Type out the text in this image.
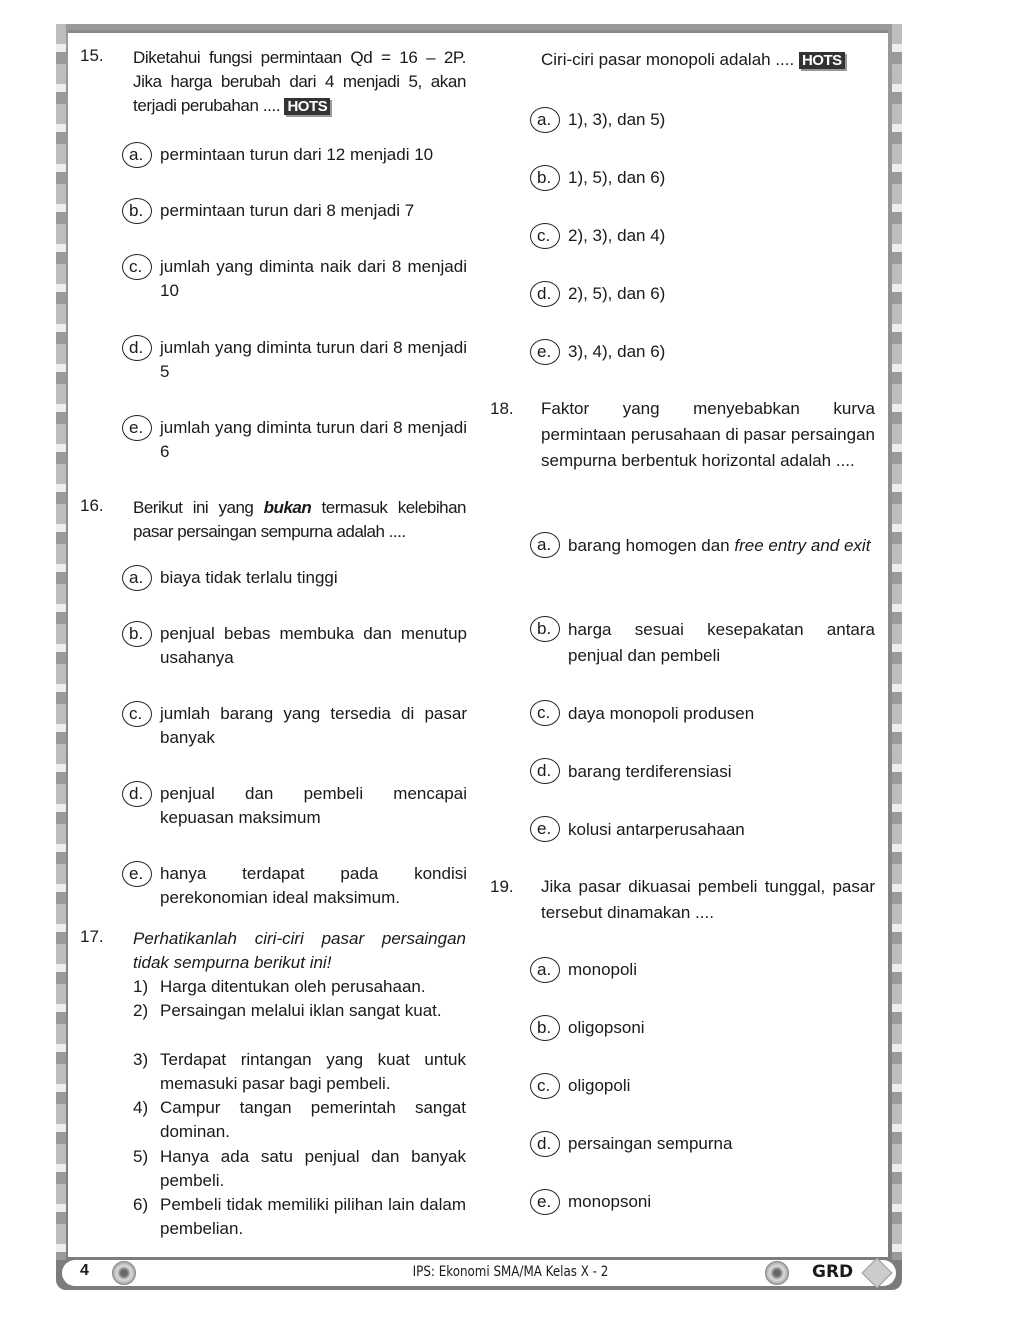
15. Diketahui fungsi permintaan Qd = 16 – 2P. Jika harga berubah dari 4 menjadi 5, akan terjadi perubahan .... HOTS
a. permintaan turun dari 12 menjadi 10
b. permintaan turun dari 8 menjadi 7
c.	jumlah yang diminta naik dari 8 menjadi 10
d. jumlah yang diminta turun dari 8 menjadi 5
e. jumlah yang diminta turun dari 8 menjadi 6
16. Berikut ini yang bukan termasuk kelebihan pasar persaingan sempurna adalah ....
a. biaya tidak terlalu tinggi
b. penjual bebas membuka dan menutup usahanya
c.	jumlah barang yang tersedia di pasar banyak
d. penjual dan pembeli mencapai kepuasan maksimum
e. hanya terdapat pada kondisi perekonomian ideal maksimum.
17. Perhatikanlah ciri-ciri pasar persaingan tidak sempurna berikut ini!
1) Harga ditentukan oleh perusahaan.
2) Persaingan melalui iklan sangat kuat.
3) Terdapat rintangan yang kuat untuk memasuki pasar bagi pembeli.
4) Campur tangan pemerintah sangat dominan.
5) Hanya ada satu penjual dan banyak pembeli.
6) Pembeli tidak memiliki pilihan lain dalam pembelian.
Ciri-ciri pasar monopoli adalah .... HOTS
a. 1), 3), dan 5)
b. 1), 5), dan 6)
c.	2), 3), dan 4)
d. 2), 5), dan 6)
e. 3), 4), dan 6)
18. Faktor yang menyebabkan kurva permintaan perusahaan di pasar persaingan sempurna berbentuk horizontal adalah ....
a. barang homogen dan free entry and exit
b. harga sesuai kesepakatan antara penjual dan pembeli
c.	daya monopoli produsen
d. barang terdiferensiasi
e. kolusi antarperusahaan
19. Jika pasar dikuasai pembeli tunggal, pasar tersebut dinamakan ....
a. monopoli
b. oligopsoni
c.	oligopoli
d. persaingan sempurna
e. monopsoni
4	IPS: Ekonomi SMA/MA Kelas X - 2	GRD
